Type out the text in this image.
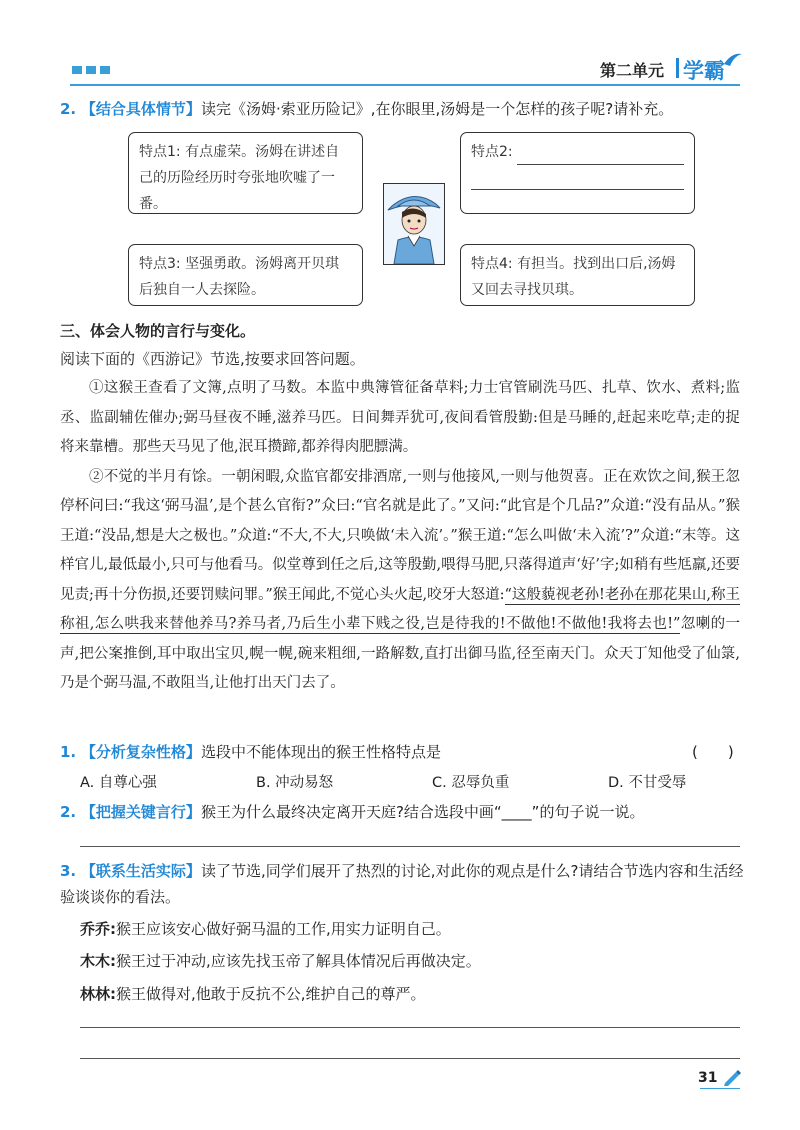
第二单元 学霸
2. 【结合具体情节】读完《汤姆·索亚历险记》,在你眼里,汤姆是一个怎样的孩子呢?请补充。
特点1: 有点虚荣。汤姆在讲述自己的历险经历时夸张地吹嘘了一番。
特点2:
特点3: 坚强勇敢。汤姆离开贝琪后独自一人去探险。
特点4: 有担当。找到出口后,汤姆又回去寻找贝琪。
三、体会人物的言行与变化。
阅读下面的《西游记》节选,按要求回答问题。

①这猴王查看了文簿,点明了马数。本监中典簿管征备草料;力士官管刷洗马匹、扎草、饮水、煮料;监丞、监副辅佐催办;弼马昼夜不睡,滋养马匹。日间舞弄犹可,夜间看管殷勤:但是马睡的,赶起来吃草;走的捉将来靠槽。那些天马见了他,泯耳攒蹄,都养得肉肥膘满。

②不觉的半月有馀。一朝闲暇,众监官都安排酒席,一则与他接风,一则与他贺喜。正在欢饮之间,猴王忽停杯问曰:“我这‘弼马温’,是个甚么官衔?”众曰:“官名就是此了。”又问:“此官是个几品?”众道:“没有品从。”猴王道:“没品,想是大之极也。”众道:“不大,不大,只唤做‘未入流’。”猴王道:“怎么叫做‘未入流’?”众道:“末等。这样官儿,最低最小,只可与他看马。似堂尊到任之后,这等殷勤,喂得马肥,只落得道声‘好’字;如稍有些尪羸,还要见责;再十分伤损,还要罚赎问罪。”猴王闻此,不觉心头火起,咬牙大怒道:“这般藐视老孙!老孙在那花果山,称王称祖,怎么哄我来替他养马?养马者,乃后生小辈下贱之役,岂是待我的!不做他!不做他!我将去也!”忽喇的一声,把公案推倒,耳中取出宝贝,幌一幌,碗来粗细,一路解数,直打出御马监,径至南天门。众天丁知他受了仙箓,乃是个弼马温,不敢阻当,让他打出天门去了。

1. 【分析复杂性格】选段中不能体现出的猴王性格特点是	(　　)
A. 自尊心强	B. 冲动易怒	C. 忍辱负重	D. 不甘受辱
2. 【把握关键言行】猴王为什么最终决定离开天庭?结合选段中画“____”的句子说一说。
3. 【联系生活实际】读了节选,同学们展开了热烈的讨论,对此你的观点是什么?请结合节选内容和生活经验谈谈你的看法。
乔乔:猴王应该安心做好弼马温的工作,用实力证明自己。
木木:猴王过于冲动,应该先找玉帝了解具体情况后再做决定。
林林:猴王做得对,他敢于反抗不公,维护自己的尊严。
31
